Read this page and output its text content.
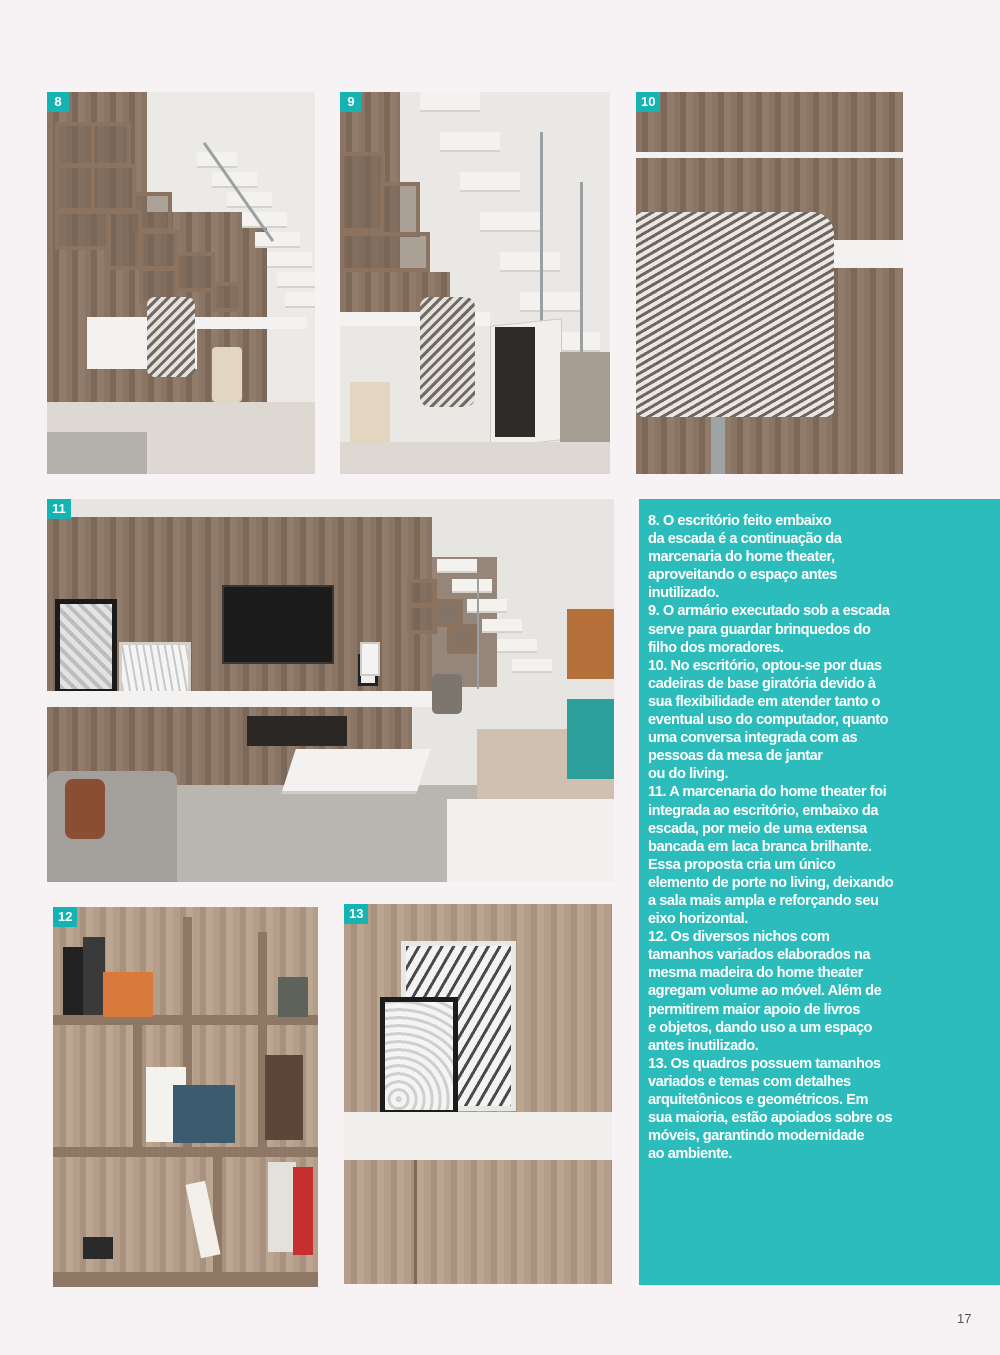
8	9	10
11
12	13
8. O escritório feito embaixo
da escada é a continuação da
marcenaria do home theater,
aproveitando o espaço antes
inutilizado.
9. O armário executado sob a escada
serve para guardar brinquedos do
filho dos moradores.
10. No escritório, optou-se por duas
cadeiras de base giratória devido à
sua flexibilidade em atender tanto o
eventual uso do computador, quanto
uma conversa integrada com as
pessoas da mesa de jantar
ou do living.
11. A marcenaria do home theater foi
integrada ao escritório, embaixo da
escada, por meio de uma extensa
bancada em laca branca brilhante.
Essa proposta cria um único
elemento de porte no living, deixando
a sala mais ampla e reforçando seu
eixo horizontal.
12. Os diversos nichos com
tamanhos variados elaborados na
mesma madeira do home theater
agregam volume ao móvel. Além de
permitirem maior apoio de livros
e objetos, dando uso a um espaço
antes inutilizado.
13. Os quadros possuem tamanhos
variados e temas com detalhes
arquitetônicos e geométricos. Em
sua maioria, estão apoiados sobre os
móveis, garantindo modernidade
ao ambiente.
17
